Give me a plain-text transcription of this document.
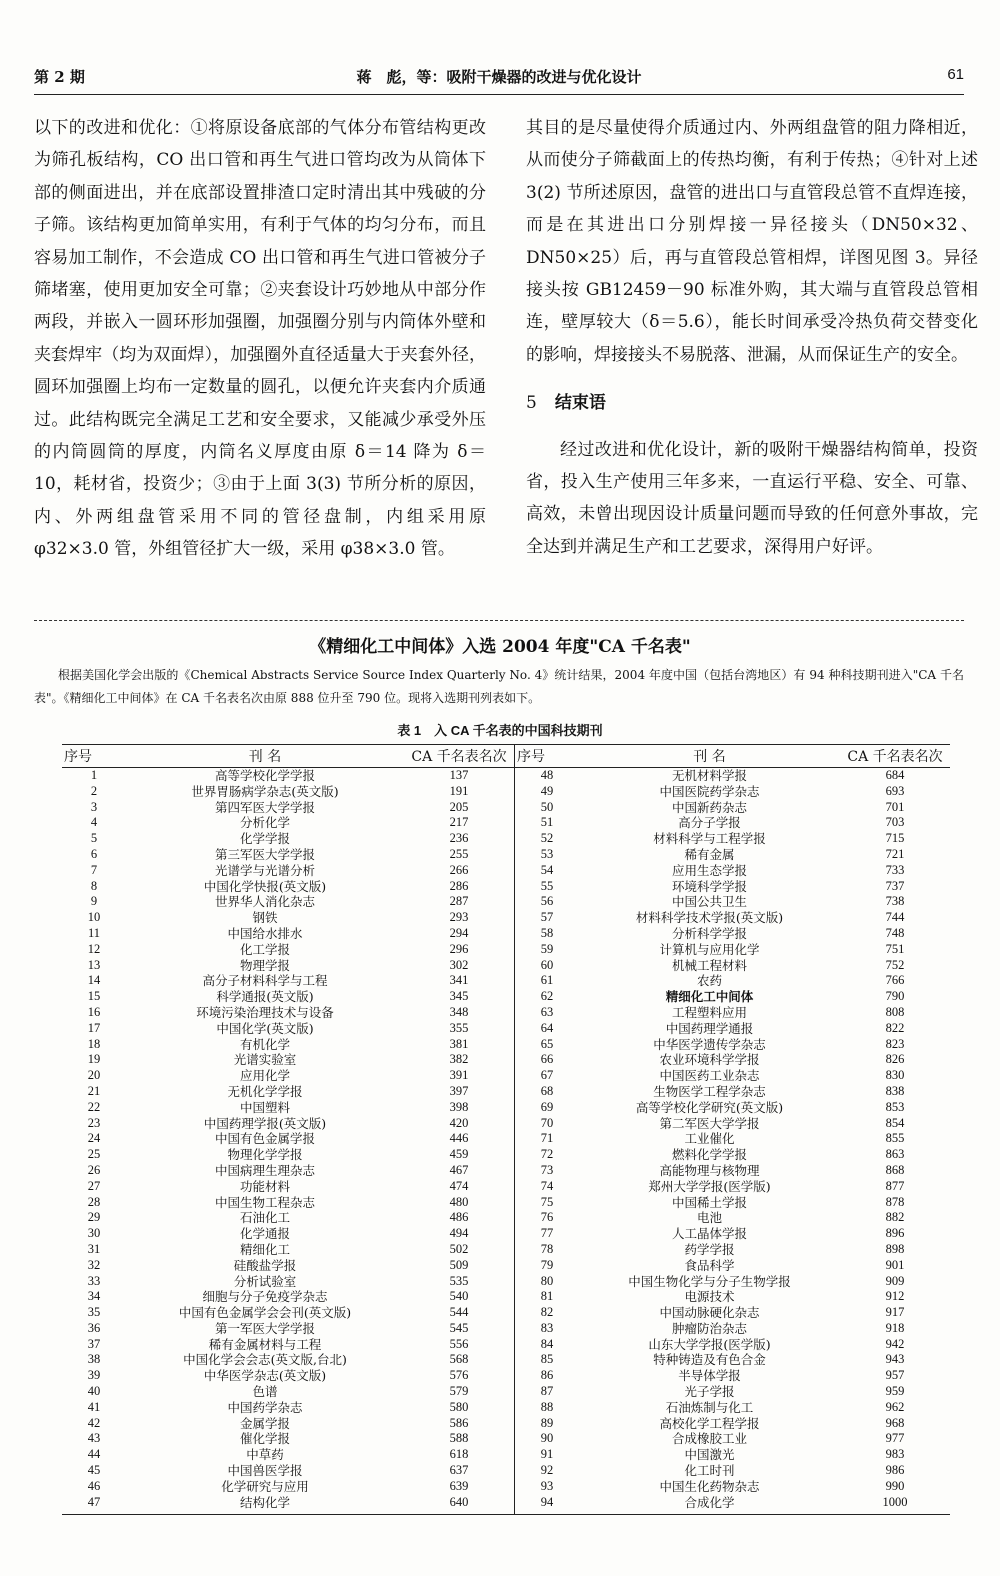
第 2 期	蒋　彪，等：吸附干燥器的改进与优化设计	61

以下的改进和优化：①将原设备底部的气体分布管结构更改为筛孔板结构，CO 出口管和再生气进口管均改为从筒体下部的侧面进出，并在底部设置排渣口定时清出其中残破的分子筛。该结构更加简单实用，有利于气体的均匀分布，而且容易加工制作，不会造成 CO 出口管和再生气进口管被分子筛堵塞，使用更加安全可靠；②夹套设计巧妙地从中部分作两段，并嵌入一圆环形加强圈，加强圈分别与内筒体外壁和夹套焊牢（均为双面焊），加强圈外直径适量大于夹套外径，圆环加强圈上均布一定数量的圆孔，以便允许夹套内介质通过。此结构既完全满足工艺和安全要求，又能减少承受外压的内筒圆筒的厚度，内筒名义厚度由原 δ＝14 降为 δ＝10，耗材省，投资少；③由于上面 3(3) 节所分析的原因，内、外两组盘管采用不同的管径盘制，内组采用原 φ32×3.0 管，外组管径扩大一级，采用 φ38×3.0 管。

其目的是尽量使得介质通过内、外两组盘管的阻力降相近，从而使分子筛截面上的传热均衡，有利于传热；④针对上述 3(2) 节所述原因，盘管的进出口与直管段总管不直焊连接，而是在其进出口分别焊接一异径接头（DN50×32、DN50×25）后，再与直管段总管相焊，详图见图 3。异径接头按 GB12459－90 标准外购，其大端与直管段总管相连，壁厚较大（δ＝5.6），能长时间承受冷热负荷交替变化的影响，焊接接头不易脱落、泄漏，从而保证生产的安全。

5 结束语

经过改进和优化设计，新的吸附干燥器结构简单，投资省，投入生产使用三年多来，一直运行平稳、安全、可靠、高效，未曾出现因设计质量问题而导致的任何意外事故，完全达到并满足生产和工艺要求，深得用户好评。

《精细化工中间体》入选 2004 年度"CA 千名表"

根据美国化学会出版的《Chemical Abstracts Service Source Index Quarterly No. 4》统计结果，2004 年度中国（包括台湾地区）有 94 种科技期刊进入"CA 千名表"。《精细化工中间体》在 CA 千名表名次由原 888 位升至 790 位。现将入选期刊列表如下。

表 1　入 CA 千名表的中国科技期刊
序号	刊 名	CA 千名表名次
1	高等学校化学学报	137
2	世界胃肠病学杂志(英文版)	191
3	第四军医大学学报	205
4	分析化学	217
5	化学学报	236
6	第三军医大学学报	255
7	光谱学与光谱分析	266
8	中国化学快报(英文版)	286
9	世界华人消化杂志	287
10	钢铁	293
11	中国给水排水	294
12	化工学报	296
13	物理学报	302
14	高分子材料科学与工程	341
15	科学通报(英文版)	345
16	环境污染治理技术与设备	348
17	中国化学(英文版)	355
18	有机化学	381
19	光谱实验室	382
20	应用化学	391
21	无机化学学报	397
22	中国塑料	398
23	中国药理学报(英文版)	420
24	中国有色金属学报	446
25	物理化学学报	459
26	中国病理生理杂志	467
27	功能材料	474
28	中国生物工程杂志	480
29	石油化工	486
30	化学通报	494
31	精细化工	502
32	硅酸盐学报	509
33	分析试验室	535
34	细胞与分子免疫学杂志	540
35	中国有色金属学会会刊(英文版)	544
36	第一军医大学学报	545
37	稀有金属材料与工程	556
38	中国化学会会志(英文版,台北)	568
39	中华医学杂志(英文版)	576
40	色谱	579
41	中国药学杂志	580
42	金属学报	586
43	催化学报	588
44	中草药	618
45	中国兽医学报	637
46	化学研究与应用	639
47	结构化学	640
序号	刊 名	CA 千名表名次
48	无机材料学报	684
49	中国医院药学杂志	693
50	中国新药杂志	701
51	高分子学报	703
52	材料科学与工程学报	715
53	稀有金属	721
54	应用生态学报	733
55	环境科学学报	737
56	中国公共卫生	738
57	材料科学技术学报(英文版)	744
58	分析科学学报	748
59	计算机与应用化学	751
60	机械工程材料	752
61	农药	766
62	精细化工中间体	790
63	工程塑料应用	808
64	中国药理学通报	822
65	中华医学遗传学杂志	823
66	农业环境科学学报	826
67	中国医药工业杂志	830
68	生物医学工程学杂志	838
69	高等学校化学研究(英文版)	853
70	第二军医大学学报	854
71	工业催化	855
72	燃料化学学报	863
73	高能物理与核物理	868
74	郑州大学学报(医学版)	877
75	中国稀土学报	878
76	电池	882
77	人工晶体学报	896
78	药学学报	898
79	食品科学	901
80	中国生物化学与分子生物学报	909
81	电源技术	912
82	中国动脉硬化杂志	917
83	肿瘤防治杂志	918
84	山东大学学报(医学版)	942
85	特种铸造及有色合金	943
86	半导体学报	957
87	光子学报	959
88	石油炼制与化工	962
89	高校化学工程学报	968
90	合成橡胶工业	977
91	中国激光	983
92	化工时刊	986
93	中国生化药物杂志	990
94	合成化学	1000
